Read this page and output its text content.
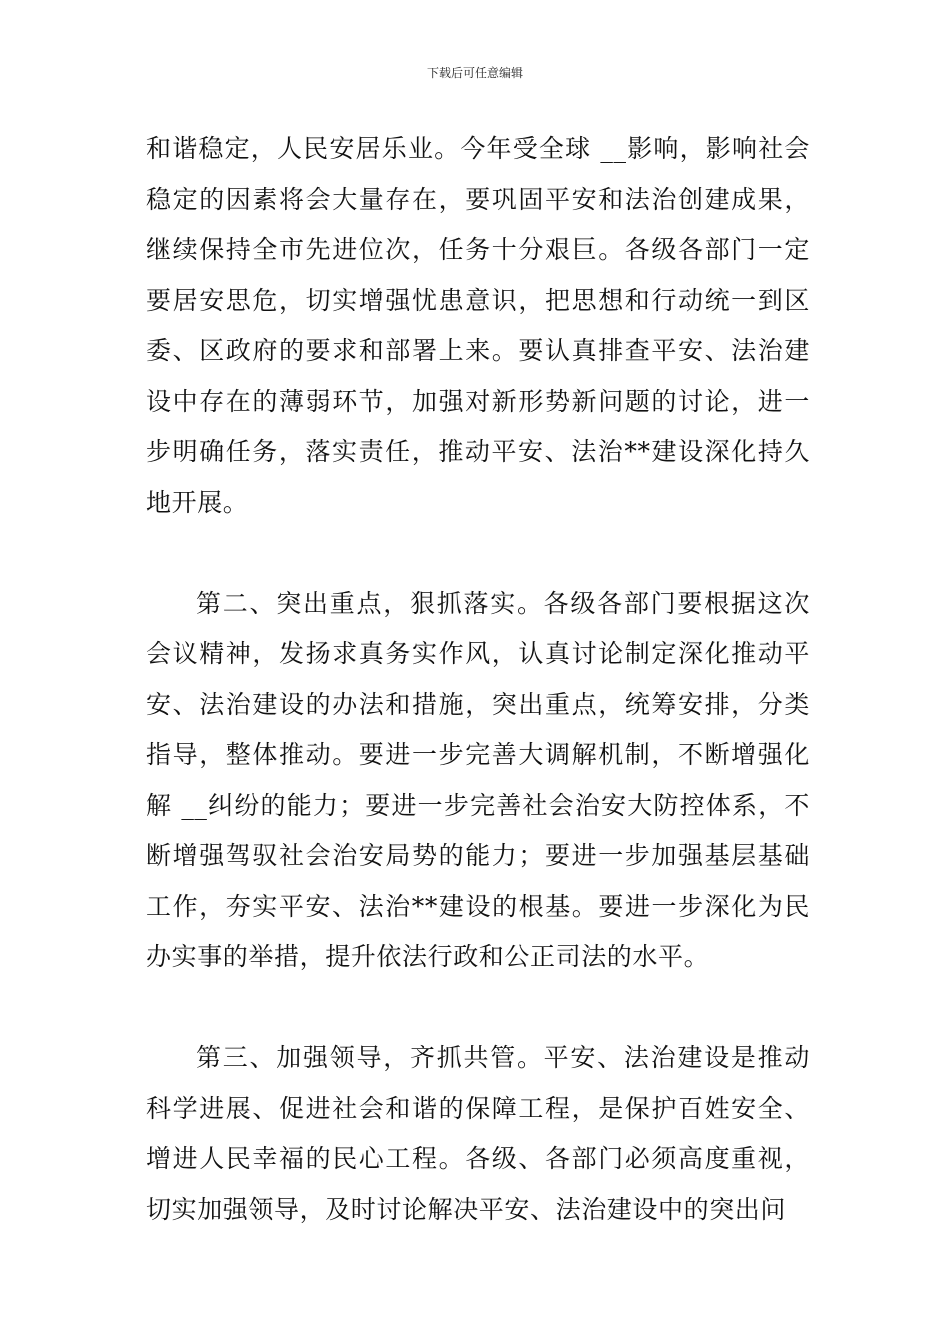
下载后可任意编辑

和谐稳定，人民安居乐业。今年受全球 __影响，影响社会稳定的因素将会大量存在，要巩固平安和法治创建成果，继续保持全市先进位次，任务十分艰巨。各级各部门一定要居安思危，切实增强忧患意识，把思想和行动统一到区委、区政府的要求和部署上来。要认真排查平安、法治建设中存在的薄弱环节，加强对新形势新问题的讨论，进一步明确任务，落实责任，推动平安、法治**建设深化持久地开展。

第二、突出重点，狠抓落实。各级各部门要根据这次会议精神，发扬求真务实作风，认真讨论制定深化推动平安、法治建设的办法和措施，突出重点，统筹安排，分类指导，整体推动。要进一步完善大调解机制，不断增强化解 __纠纷的能力；要进一步完善社会治安大防控体系，不断增强驾驭社会治安局势的能力；要进一步加强基层基础工作，夯实平安、法治**建设的根基。要进一步深化为民办实事的举措，提升依法行政和公正司法的水平。

第三、加强领导，齐抓共管。平安、法治建设是推动科学进展、促进社会和谐的保障工程，是保护百姓安全、增进人民幸福的民心工程。各级、各部门必须高度重视，切实加强领导，及时讨论解决平安、法治建设中的突出问
